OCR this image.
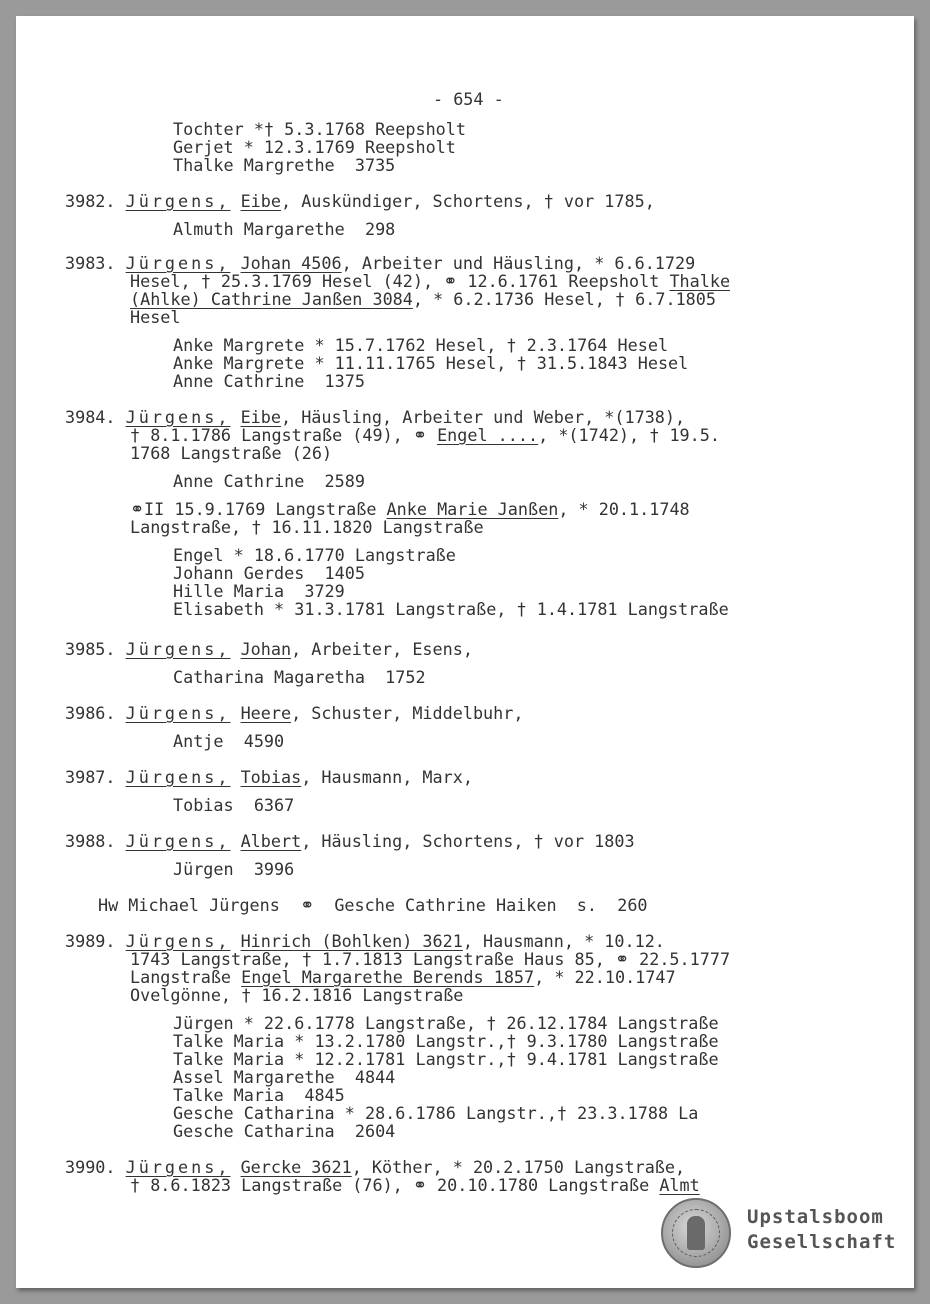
- 654 -
Tochter *† 5.3.1768 Reepsholt
Gerjet * 12.3.1769 Reepsholt
Thalke Margrethe  3735
3982. Jürgens, Eibe, Auskündiger, Schortens, † vor 1785,
Almuth Margarethe  298
3983. Jürgens, Johan 4506, Arbeiter und Häusling, * 6.6.1729
Hesel, † 25.3.1769 Hesel (42), ⚭ 12.6.1761 Reepsholt Thalke
(Ahlke) Cathrine Janßen 3084, * 6.2.1736 Hesel, † 6.7.1805
Hesel
Anke Margrete * 15.7.1762 Hesel, † 2.3.1764 Hesel
Anke Margrete * 11.11.1765 Hesel, † 31.5.1843 Hesel
Anne Cathrine  1375
3984. Jürgens, Eibe, Häusling, Arbeiter und Weber, *(1738),
† 8.1.1786 Langstraße (49), ⚭ Engel ...., *(1742), † 19.5.
1768 Langstraße (26)
Anne Cathrine  2589
⚭II 15.9.1769 Langstraße Anke Marie Janßen, * 20.1.1748
Langstraße, † 16.11.1820 Langstraße
Engel * 18.6.1770 Langstraße
Johann Gerdes  1405
Hille Maria  3729
Elisabeth * 31.3.1781 Langstraße, † 1.4.1781 Langstraße
3985. Jürgens, Johan, Arbeiter, Esens,
Catharina Magaretha  1752
3986. Jürgens, Heere, Schuster, Middelbuhr,
Antje  4590
3987. Jürgens, Tobias, Hausmann, Marx,
Tobias  6367
3988. Jürgens, Albert, Häusling, Schortens, † vor 1803
Jürgen  3996
Hw Michael Jürgens  ⚭  Gesche Cathrine Haiken  s.  260
3989. Jürgens, Hinrich (Bohlken) 3621, Hausmann, * 10.12.
1743 Langstraße, † 1.7.1813 Langstraße Haus 85, ⚭ 22.5.1777
Langstraße Engel Margarethe Berends 1857, * 22.10.1747
Ovelgönne, † 16.2.1816 Langstraße
Jürgen * 22.6.1778 Langstraße, † 26.12.1784 Langstraße
Talke Maria * 13.2.1780 Langstr.,† 9.3.1780 Langstraße
Talke Maria * 12.2.1781 Langstr.,† 9.4.1781 Langstraße
Assel Margarethe  4844
Talke Maria  4845
Gesche Catharina * 28.6.1786 Langstr.,† 23.3.1788 La
Gesche Catharina  2604
3990. Jürgens, Gercke 3621, Köther, * 20.2.1750 Langstraße,
† 8.6.1823 Langstraße (76), ⚭ 20.10.1780 Langstraße Almt
Upstalsboom
Gesellschaft
